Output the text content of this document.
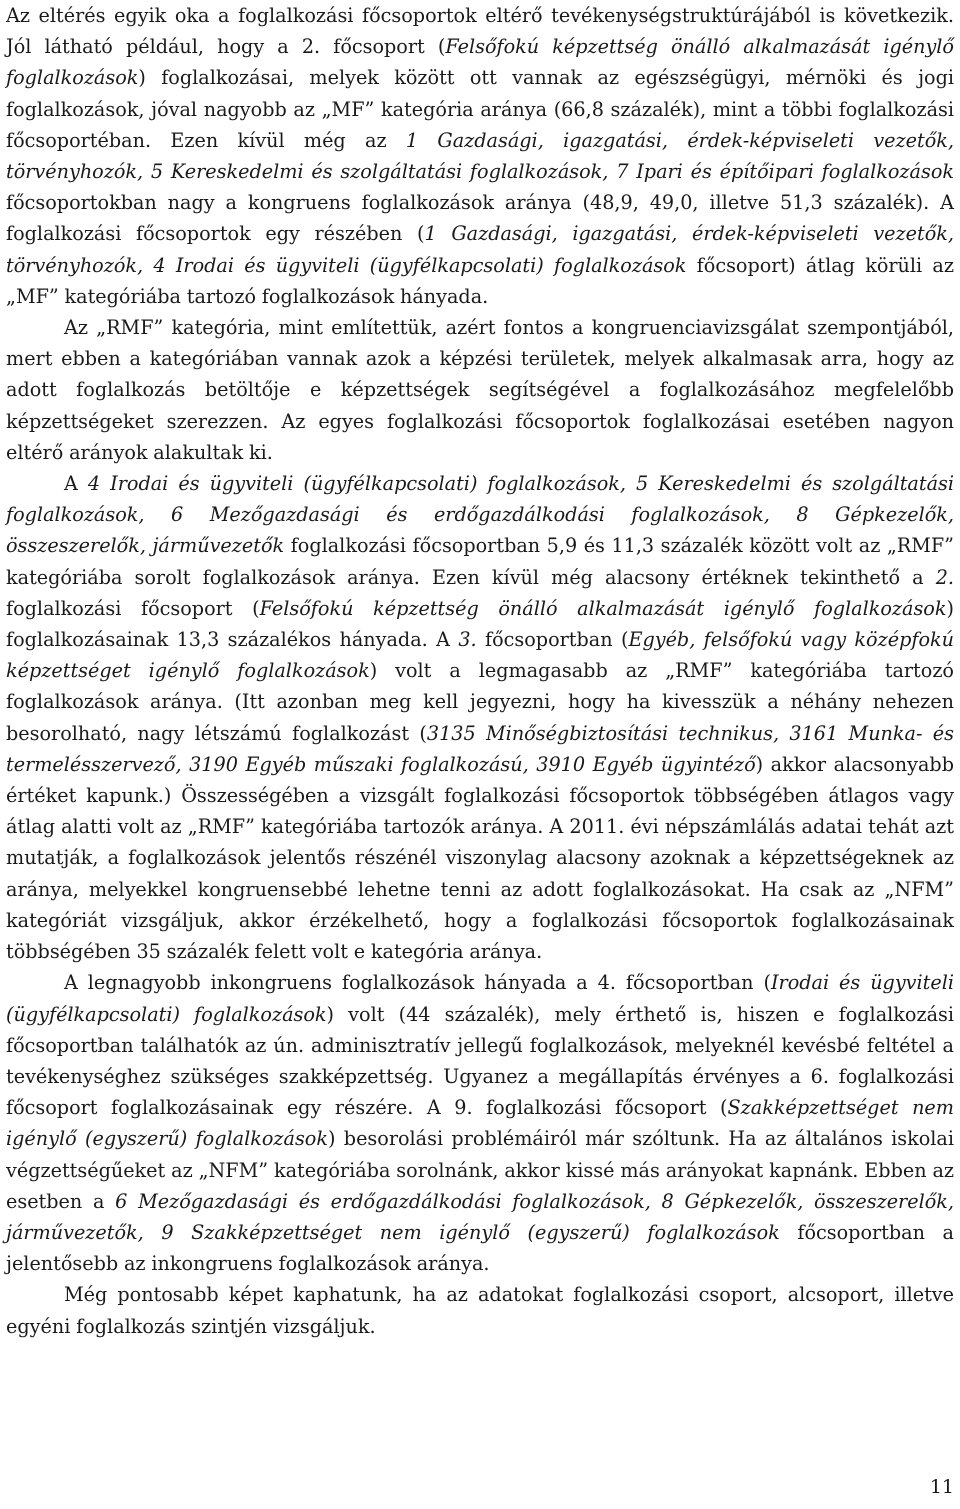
Az eltérés egyik oka a foglalkozási főcsoportok eltérő tevékenységstruktúrájából is következik. Jól látható például, hogy a 2. főcsoport (Felsőfokú képzettség önálló alkalmazását igénylő foglalkozások) foglalkozásai, melyek között ott vannak az egészségügyi, mérnöki és jogi foglalkozások, jóval nagyobb az „MF” kategória aránya (66,8 százalék), mint a többi foglalkozási főcsoportéban. Ezen kívül még az 1 Gazdasági, igazgatási, érdek-képviseleti vezetők, törvényhozók, 5 Kereskedelmi és szolgáltatási foglalkozások, 7 Ipari és építőipari foglalkozások főcsoportokban nagy a kongruens foglalkozások aránya (48,9, 49,0, illetve 51,3 százalék). A foglalkozási főcsoportok egy részében (1 Gazdasági, igazgatási, érdek-képviseleti vezetők, törvényhozók, 4 Irodai és ügyviteli (ügyfélkapcsolati) foglalkozások főcsoport) átlag körüli az „MF” kategóriába tartozó foglalkozások hányada.

Az „RMF” kategória, mint említettük, azért fontos a kongruenciavizsgálat szempontjából, mert ebben a kategóriában vannak azok a képzési területek, melyek alkalmasak arra, hogy az adott foglalkozás betöltője e képzettségek segítségével a foglalkozásához megfelelőbb képzettségeket szerezzen. Az egyes foglalkozási főcsoportok foglalkozásai esetében nagyon eltérő arányok alakultak ki.

A 4 Irodai és ügyviteli (ügyfélkapcsolati) foglalkozások, 5 Kereskedelmi és szolgáltatási foglalkozások, 6 Mezőgazdasági és erdőgazdálkodási foglalkozások, 8 Gépkezelők, összeszerelők, járművezetők foglalkozási főcsoportban 5,9 és 11,3 százalék között volt az „RMF” kategóriába sorolt foglalkozások aránya. Ezen kívül még alacsony értéknek tekinthető a 2. foglalkozási főcsoport (Felsőfokú képzettség önálló alkalmazását igénylő foglalkozások) foglalkozásainak 13,3 százalékos hányada. A 3. főcsoportban (Egyéb, felsőfokú vagy középfokú képzettséget igénylő foglalkozások) volt a legmagasabb az „RMF” kategóriába tartozó foglalkozások aránya. (Itt azonban meg kell jegyezni, hogy ha kivesszük a néhány nehezen besorolható, nagy létszámú foglalkozást (3135 Minőségbiztosítási technikus, 3161 Munka- és termelésszervező, 3190 Egyéb műszaki foglalkozású, 3910 Egyéb ügyintéző) akkor alacsonyabb értéket kapunk.) Összességében a vizsgált foglalkozási főcsoportok többségében átlagos vagy átlag alatti volt az „RMF” kategóriába tartozók aránya. A 2011. évi népszámlálás adatai tehát azt mutatják, a foglalkozások jelentős részénél viszonylag alacsony azoknak a képzettségeknek az aránya, melyekkel kongruensebbé lehetne tenni az adott foglalkozásokat. Ha csak az „NFM” kategóriát vizsgáljuk, akkor érzékelhető, hogy a foglalkozási főcsoportok foglalkozásainak többségében 35 százalék felett volt e kategória aránya.

A legnagyobb inkongruens foglalkozások hányada a 4. főcsoportban (Irodai és ügyviteli (ügyfélkapcsolati) foglalkozások) volt (44 százalék), mely érthető is, hiszen e foglalkozási főcsoportban találhatók az ún. adminisztratív jellegű foglalkozások, melyeknél kevésbé feltétel a tevékenységhez szükséges szakképzettség. Ugyanez a megállapítás érvényes a 6. foglalkozási főcsoport foglalkozásainak egy részére. A 9. foglalkozási főcsoport (Szakképzettséget nem igénylő (egyszerű) foglalkozások) besorolási problémáiról már szóltunk. Ha az általános iskolai végzettségűeket az „NFM” kategóriába sorolnánk, akkor kissé más arányokat kapnánk. Ebben az esetben a 6 Mezőgazdasági és erdőgazdálkodási foglalkozások, 8 Gépkezelők, összeszerelők, járművezetők, 9 Szakképzettséget nem igénylő (egyszerű) foglalkozások főcsoportban a jelentősebb az inkongruens foglalkozások aránya.

Még pontosabb képet kaphatunk, ha az adatokat foglalkozási csoport, alcsoport, illetve egyéni foglalkozás szintjén vizsgáljuk.

11
